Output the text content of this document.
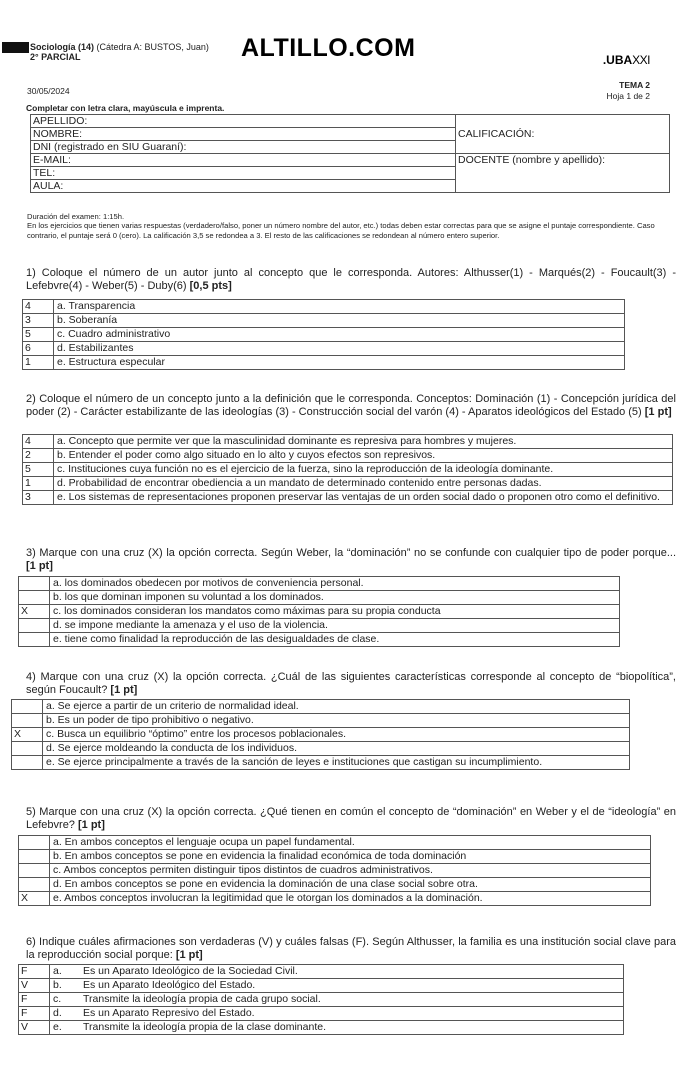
Sociología (14) (Cátedra A: BUSTOS, Juan)
2° PARCIAL	ALTILLO.COM	.UBAXXI
30/05/2024
TEMA 2
Hoja 1 de 2
Completar con letra clara, mayúscula e imprenta.
APELLIDO:	CALIFICACIÓN:
NOMBRE:	
DNI (registrado en SIU Guaraní):	
E-MAIL:	DOCENTE (nombre y apellido):
TEL:	
AULA:	
Duración del examen: 1:15h.
En los ejercicios que tienen varias respuestas (verdadero/falso, poner un número nombre del autor, etc.) todas deben estar correctas para que se asigne el puntaje correspondiente. Caso contrario, el puntaje será 0 (cero). La calificación 3,5 se redondea a 3. El resto de las calificaciones se redondean al número entero superior.
1) Coloque el número de un autor junto al concepto que le corresponda. Autores: Althusser(1) - Marqués(2) - Foucault(3) - Lefebvre(4) - Weber(5) - Duby(6) [0,5 pts]
4	a. Transparencia
3	b. Soberanía
5	c. Cuadro administrativo
6	d. Estabilizantes
1	e. Estructura especular
2) Coloque el número de un concepto junto a la definición que le corresponda. Conceptos: Dominación (1) - Concepción jurídica del poder (2) - Carácter estabilizante de las ideologías (3) - Construcción social del varón (4) - Aparatos ideológicos del Estado (5) [1 pt]
4	a. Concepto que permite ver que la masculinidad dominante es represiva para hombres y mujeres.
2	b. Entender el poder como algo situado en lo alto y cuyos efectos son represivos.
5	c. Instituciones cuya función no es el ejercicio de la fuerza, sino la reproducción de la ideología dominante.
1	d. Probabilidad de encontrar obediencia a un mandato de determinado contenido entre personas dadas.
3	e. Los sistemas de representaciones proponen preservar las ventajas de un orden social dado o proponen otro como el definitivo.
3) Marque con una cruz (X) la opción correcta. Según Weber, la “dominación” no se confunde con cualquier tipo de poder porque... [1 pt]
	a. los dominados obedecen por motivos de conveniencia personal.
	b. los que dominan imponen su voluntad a los dominados.
X	c. los dominados consideran los mandatos como máximas para su propia conducta
	d. se impone mediante la amenaza y el uso de la violencia.
	e. tiene como finalidad la reproducción de las desigualdades de clase.
4) Marque con una cruz (X) la opción correcta. ¿Cuál de las siguientes características corresponde al concepto de “biopolítica”, según Foucault? [1 pt]
	a. Se ejerce a partir de un criterio de normalidad ideal.
	b. Es un poder de tipo prohibitivo o negativo.
X	c. Busca un equilibrio “óptimo” entre los procesos poblacionales.
	d. Se ejerce moldeando la conducta de los individuos.
	e. Se ejerce principalmente a través de la sanción de leyes e instituciones que castigan su incumplimiento.
5) Marque con una cruz (X) la opción correcta. ¿Qué tienen en común el concepto de “dominación” en Weber y el de “ideología” en Lefebvre? [1 pt]
	a. En ambos conceptos el lenguaje ocupa un papel fundamental.
	b. En ambos conceptos se pone en evidencia la finalidad económica de toda dominación
	c. Ambos conceptos permiten distinguir tipos distintos de cuadros administrativos.
	d. En ambos conceptos se pone en evidencia la dominación de una clase social sobre otra.
X	e. Ambos conceptos involucran la legitimidad que le otorgan los dominados a la dominación.
6) Indique cuáles afirmaciones son verdaderas (V) y cuáles falsas (F). Según Althusser, la familia es una institución social clave para la reproducción social porque: [1 pt]
F	a.	Es un Aparato Ideológico de la Sociedad Civil.
V	b.	Es un Aparato Ideológico del Estado.
F	c.	Transmite la ideología propia de cada grupo social.
F	d.	Es un Aparato Represivo del Estado.
V	e.	Transmite la ideología propia de la clase dominante.
